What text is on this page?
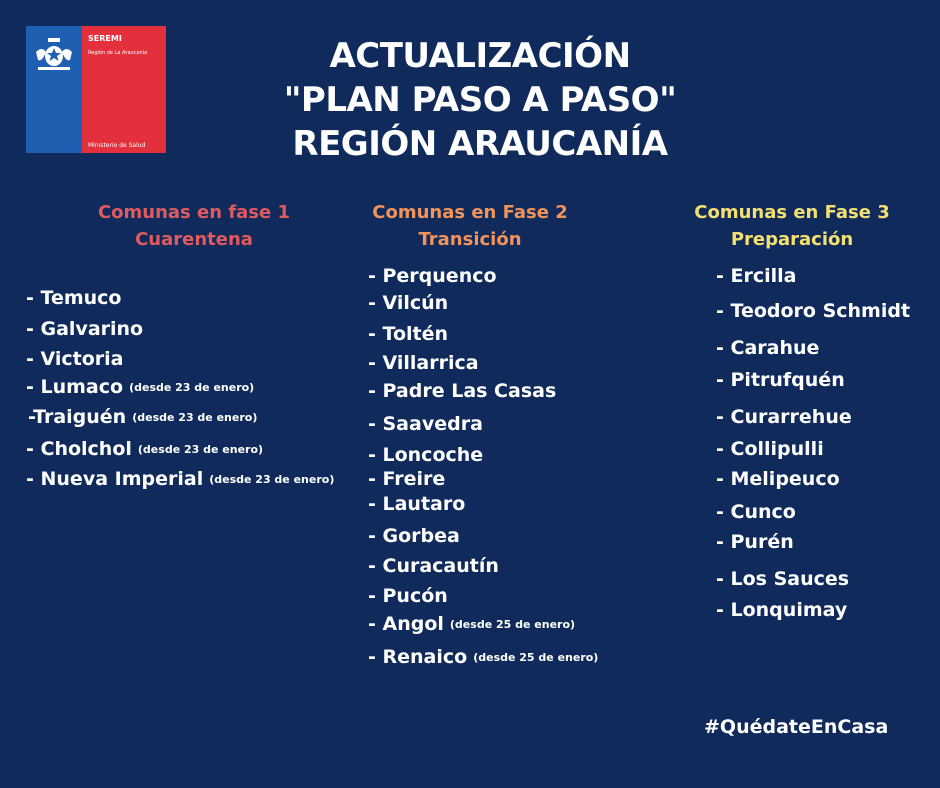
SEREMI
Región de La Araucanía
Ministerio de Salud
ACTUALIZACIÓN
"PLAN PASO A PASO"
REGIÓN ARAUCANÍA
Comunas en fase 1
Cuarentena
Comunas en Fase 2
Transición
Comunas en Fase 3
Preparación
- Temuco
- Galvarino
- Victoria
- Lumaco (desde 23 de enero)
-Traiguén (desde 23 de enero)
- Cholchol (desde 23 de enero)
- Nueva Imperial (desde 23 de enero)
- Perquenco
- Vilcún
- Toltén
- Villarrica
- Padre Las Casas
- Saavedra
- Loncoche
- Freire
- Lautaro
- Gorbea
- Curacautín
- Pucón
- Angol (desde 25 de enero)
- Renaico (desde 25 de enero)
- Ercilla
- Teodoro Schmidt
- Carahue
- Pitrufquén
- Curarrehue
- Collipulli
- Melipeuco
- Cunco
- Purén
- Los Sauces
- Lonquimay
#QuédateEnCasa
